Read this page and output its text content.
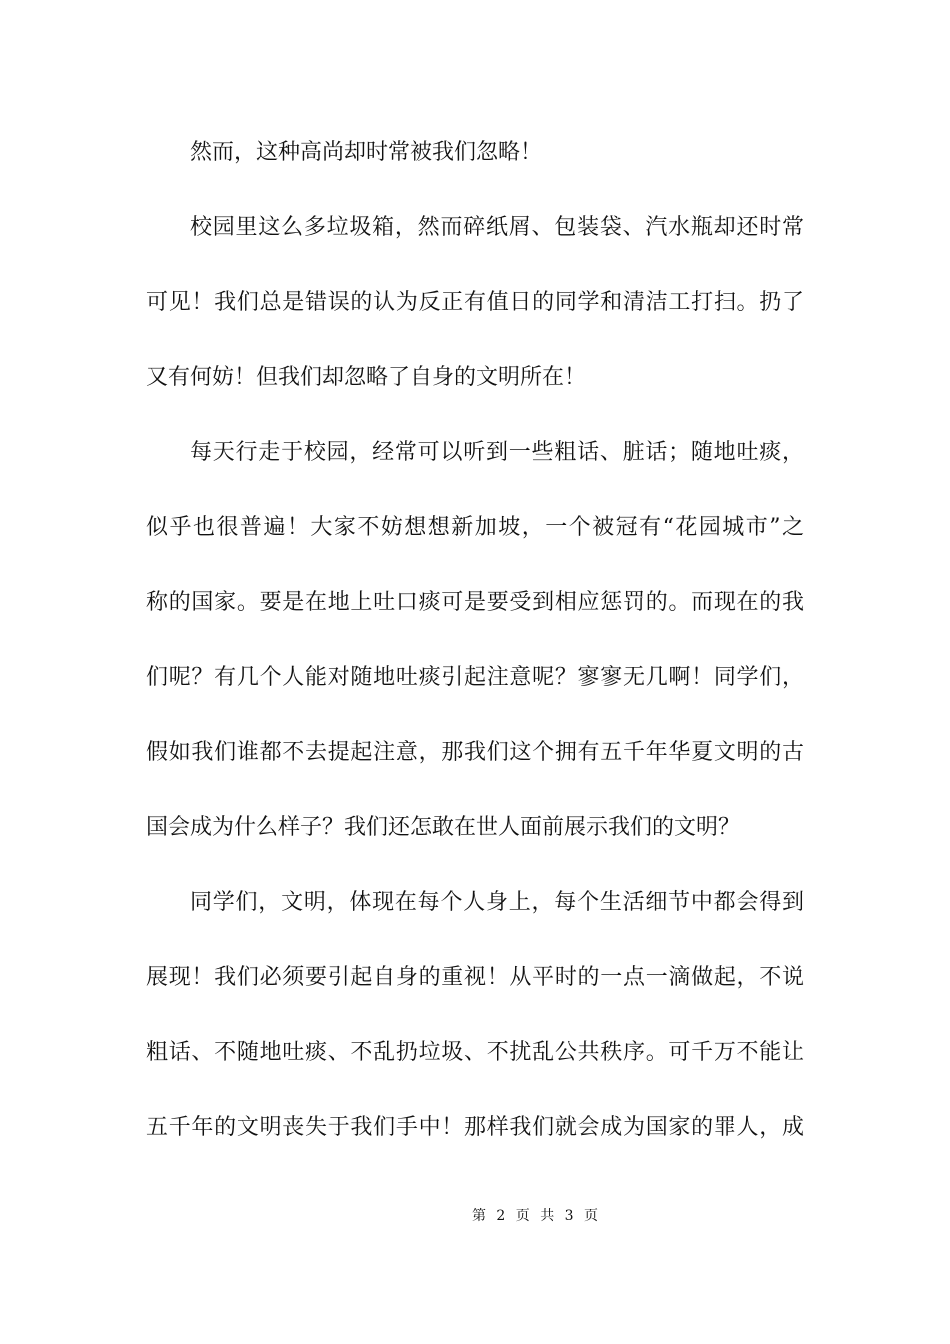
然而，这种高尚却时常被我们忽略！

校园里这么多垃圾箱，然而碎纸屑、包装袋、汽水瓶却还时常

可见！我们总是错误的认为反正有值日的同学和清洁工打扫。扔了

又有何妨！但我们却忽略了自身的文明所在！

每天行走于校园，经常可以听到一些粗话、脏话；随地吐痰，

似乎也很普遍！大家不妨想想新加坡，一个被冠有“花园城市”之

称的国家。要是在地上吐口痰可是要受到相应惩罚的。而现在的我

们呢？有几个人能对随地吐痰引起注意呢？寥寥无几啊！同学们，

假如我们谁都不去提起注意，那我们这个拥有五千年华夏文明的古

国会成为什么样子？我们还怎敢在世人面前展示我们的文明？

同学们，文明，体现在每个人身上，每个生活细节中都会得到

展现！我们必须要引起自身的重视！从平时的一点一滴做起，不说

粗话、不随地吐痰、不乱扔垃圾、不扰乱公共秩序。可千万不能让

五千年的文明丧失于我们手中！那样我们就会成为国家的罪人，成

第 2 页 共 3 页
